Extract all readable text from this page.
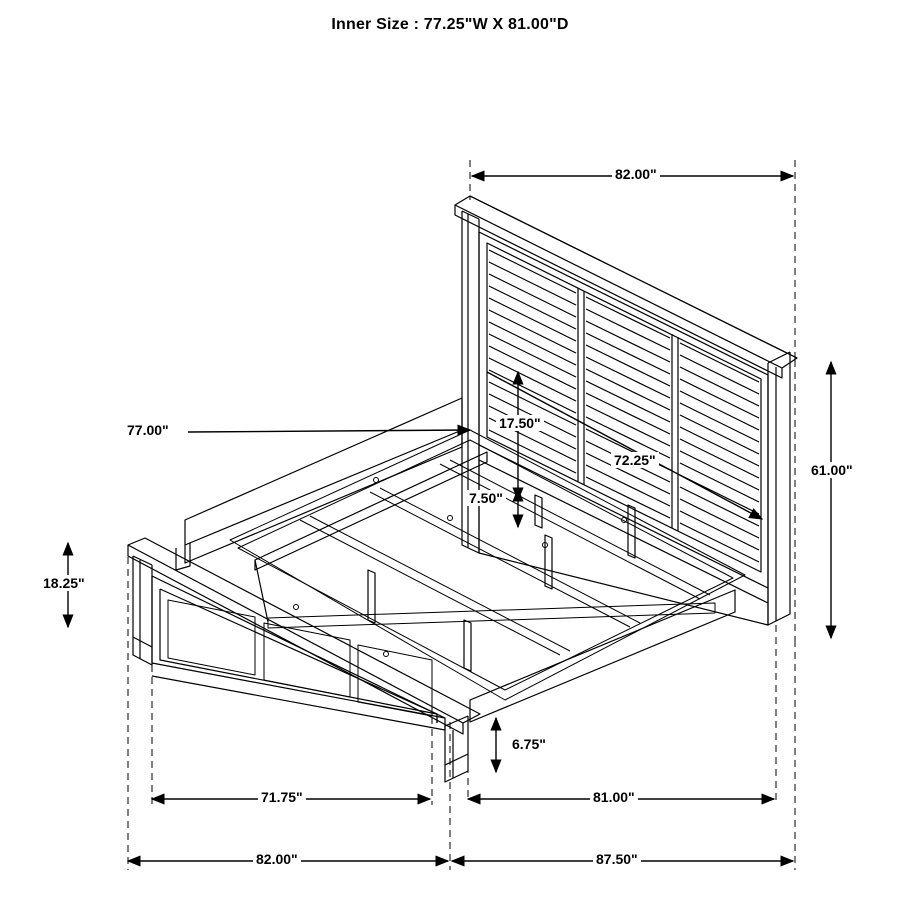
Inner Size : 77.25"W X 81.00"D
82.00"
61.00"
17.50"
7.50"
72.25"
77.00"
18.25"
6.75"
71.75"	81.00"
82.00"	87.50"
